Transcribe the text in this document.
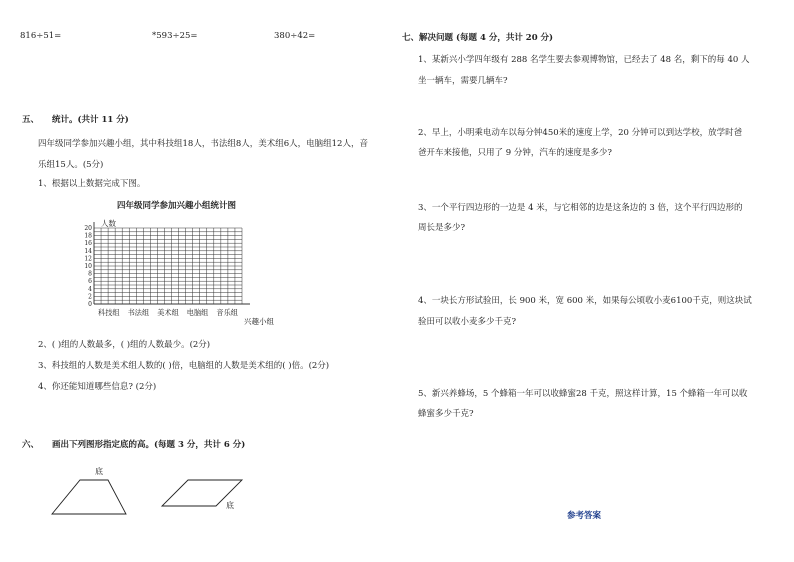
816÷51=	*593÷25=	380÷42=
五、 统计。(共计 11 分)
四年级同学参加兴趣小组，其中科技组18人，书法组8人，美术组6人，电脑组12人，音
乐组15人。(5分)
1、根据以上数据完成下图。
四年级同学参加兴趣小组统计图
人数
0
2
4
6
8
10
12
14
16
18
20
科技组 书法组 美术组 电脑组 音乐组
兴趣小组
2、( )组的人数最多，( )组的人数最少。(2分)
3、科技组的人数是美术组人数的( )倍，电脑组的人数是美术组的( )倍。(2分)
4、你还能知道哪些信息? (2分)
六、 画出下列图形指定底的高。(每题 3 分，共计 6 分)
底
底
七、解决问题 (每题 4 分，共计 20 分)
1、某新兴小学四年级有 288 名学生要去参观博物馆，已经去了 48 名，剩下的每 40 人
坐一辆车，需要几辆车?
2、早上，小明乘电动车以每分钟450米的速度上学，20 分钟可以到达学校，放学时爸
爸开车来接他，只用了 9 分钟，汽车的速度是多少?
3、一个平行四边形的一边是 4 米，与它相邻的边是这条边的 3 倍，这个平行四边形的
周长是多少?
4、一块长方形试验田，长 900 米，宽 600 米，如果每公顷收小麦6100千克，则这块试
验田可以收小麦多少千克?
5、新兴养蜂场，5 个蜂箱一年可以收蜂蜜28 千克，照这样计算，15 个蜂箱一年可以收
蜂蜜多少千克?
参考答案
